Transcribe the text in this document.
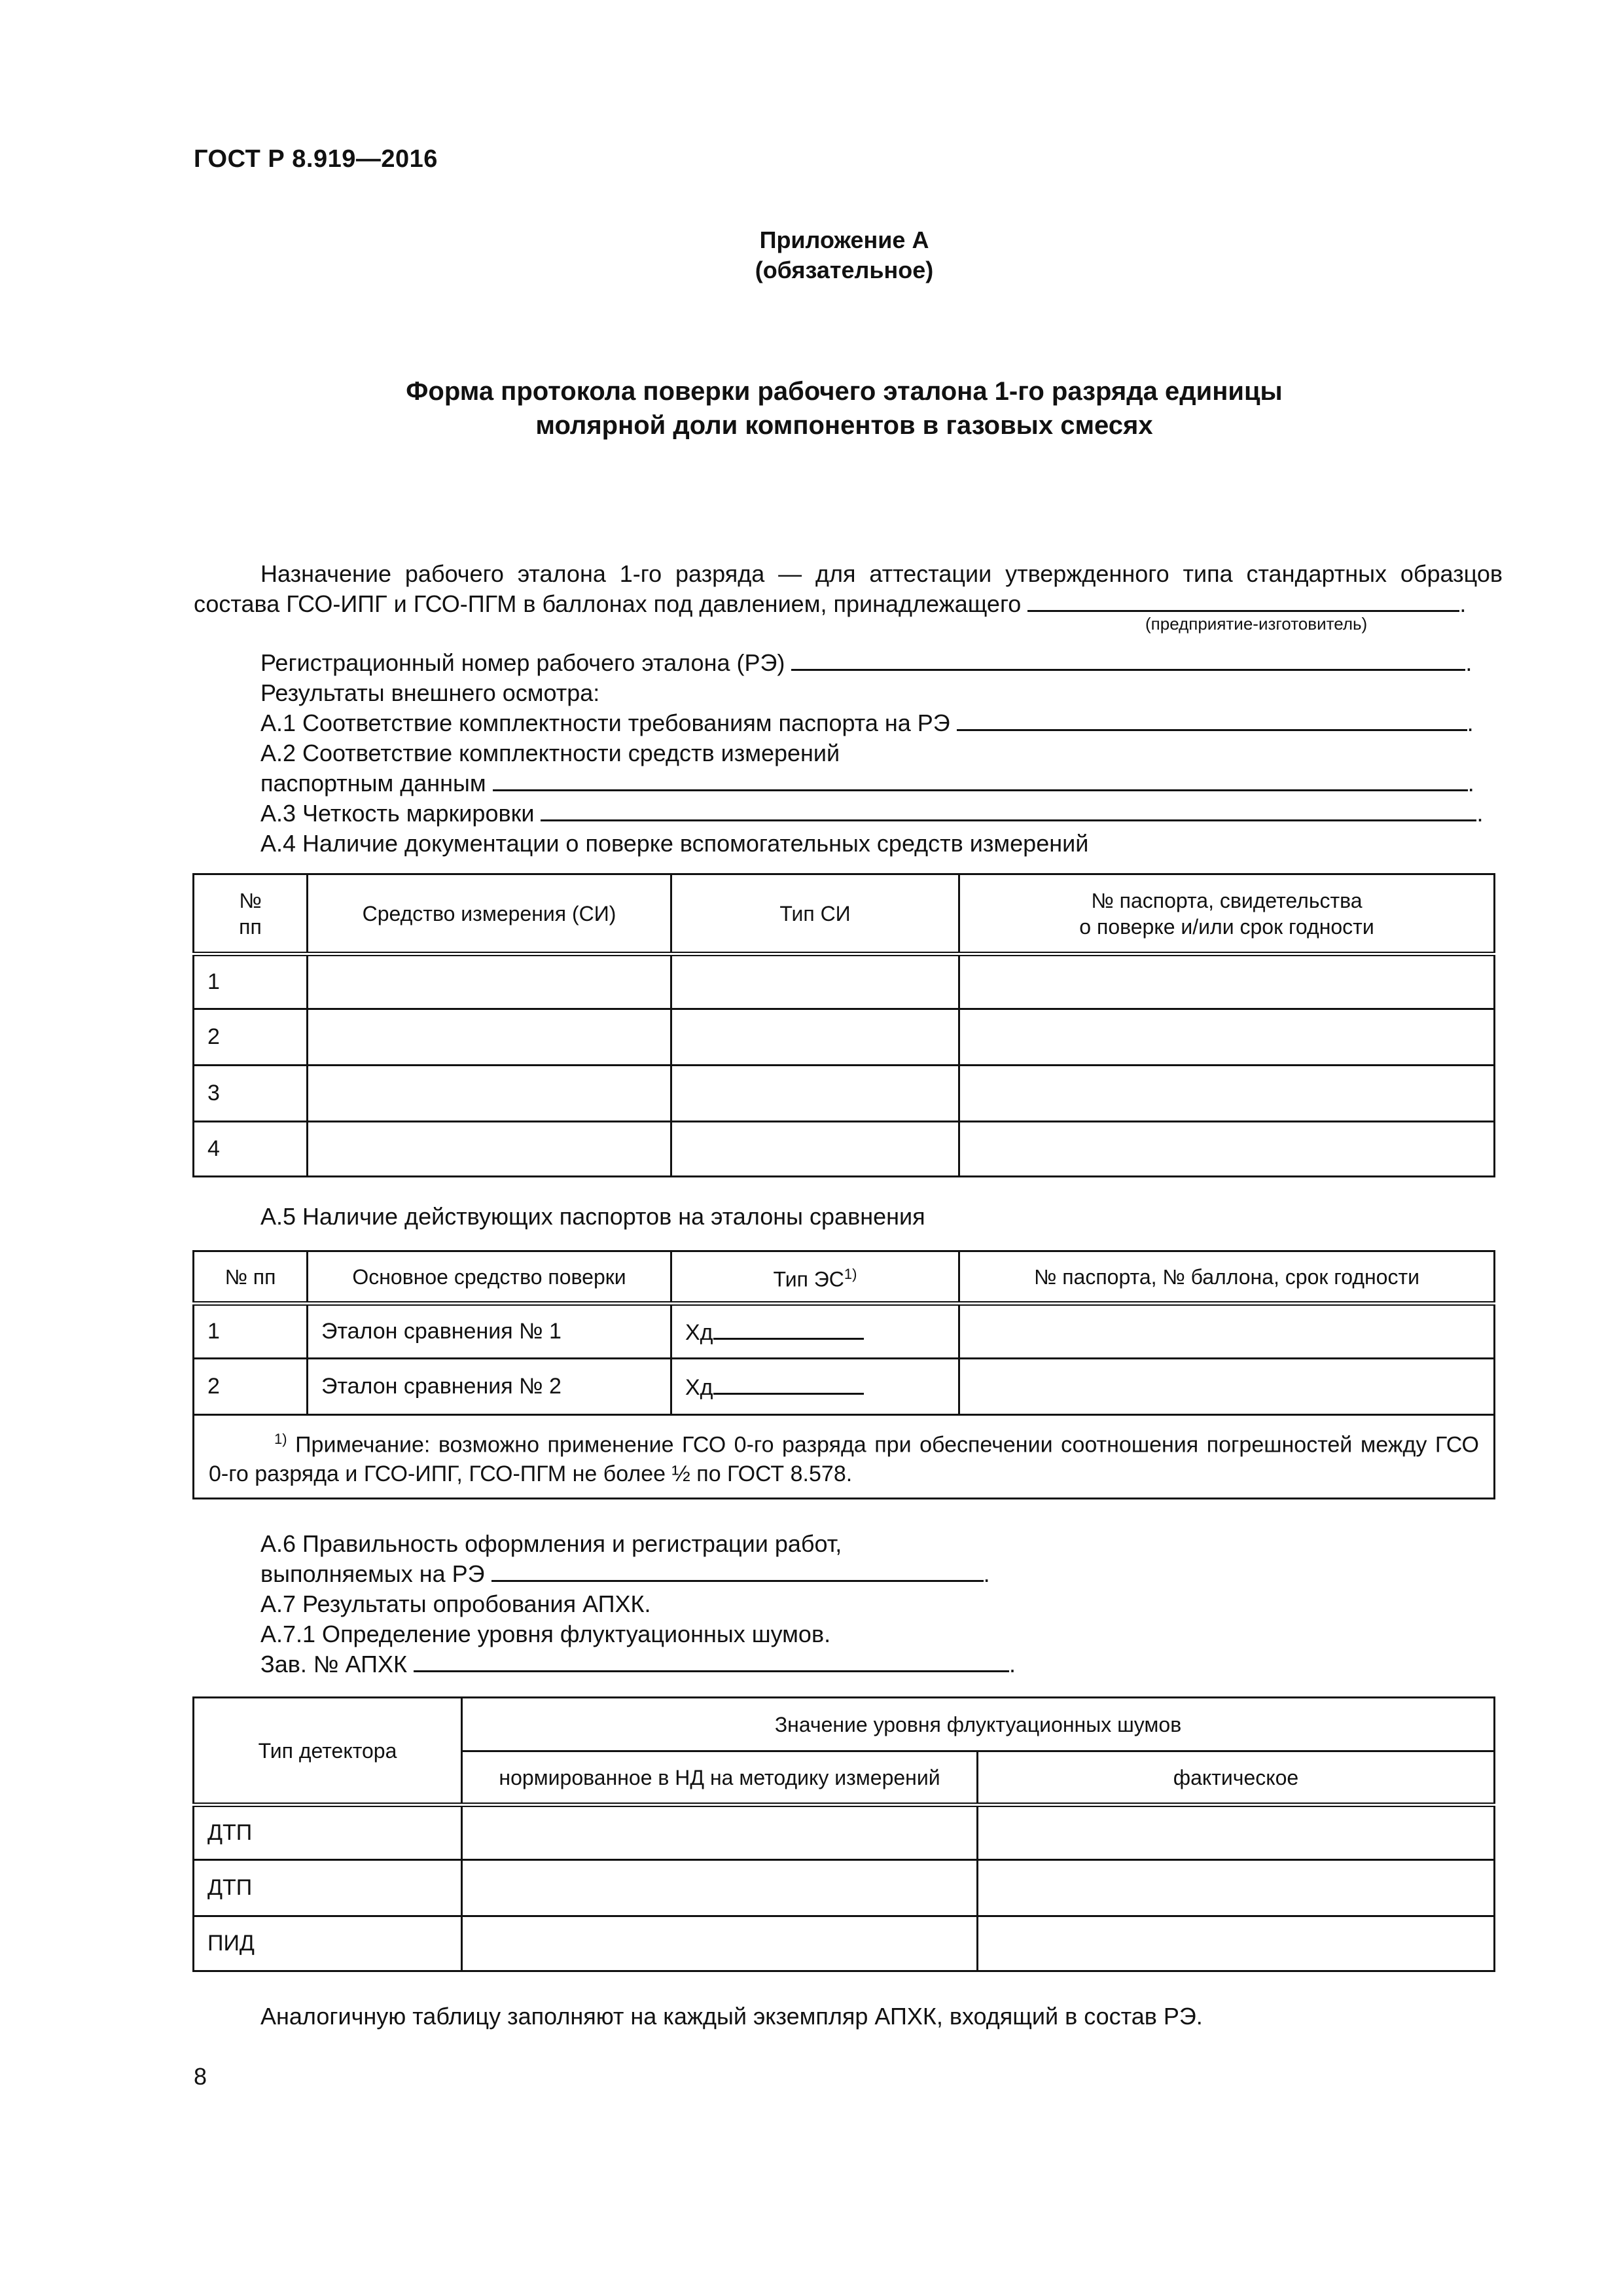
ГОСТ Р 8.919—2016
Приложение А
(обязательное)
Форма протокола поверки рабочего эталона 1-го разряда единицы
молярной доли компонентов в газовых смесях
Назначение рабочего эталона 1-го разряда — для аттестации утвержденного типа стандартных образцов состава ГСО-ИПГ и ГСО-ПГМ в баллонах под давлением, принадлежащего	.
(предприятие-изготовитель)
Регистрационный номер рабочего эталона (РЭ)	.
Результаты внешнего осмотра:
А.1 Соответствие комплектности требованиям паспорта на РЭ	.
А.2 Соответствие комплектности средств измерений
паспортным данным	.
А.3 Четкость маркировки	.
А.4 Наличие документации о поверке вспомогательных средств измерений
№
пп	Средство измерения (СИ)	Тип СИ	№ паспорта, свидетельства
о поверке и/или срок годности
1			
2			
3			
4			
А.5 Наличие действующих паспортов на эталоны сравнения
№ пп	Основное средство поверки	Тип ЭС$^{1)}$	№ паспорта, № баллона, срок годности
1	Эталон сравнения № 1	Хд	
2	Эталон сравнения № 2	Хд	
$^{1)}$ Примечание: возможно применение ГСО 0-го разряда при обеспечении соотношения погрешностей между ГСО 0-го разряда и ГСО-ИПГ, ГСО-ПГМ не более ½ по ГОСТ 8.578.			
А.6 Правильность оформления и регистрации работ,
выполняемых на РЭ	.
А.7 Результаты опробования АПХК.
А.7.1 Определение уровня флуктуационных шумов.
Зав. № АПХК	.
Тип детектора	Значение уровня флуктуационных шумов	
	нормированное в НД на методику измерений	фактическое
ДТП		
ДТП		
ПИД		
Аналогичную таблицу заполняют на каждый экземпляр АПХК, входящий в состав РЭ.
8
